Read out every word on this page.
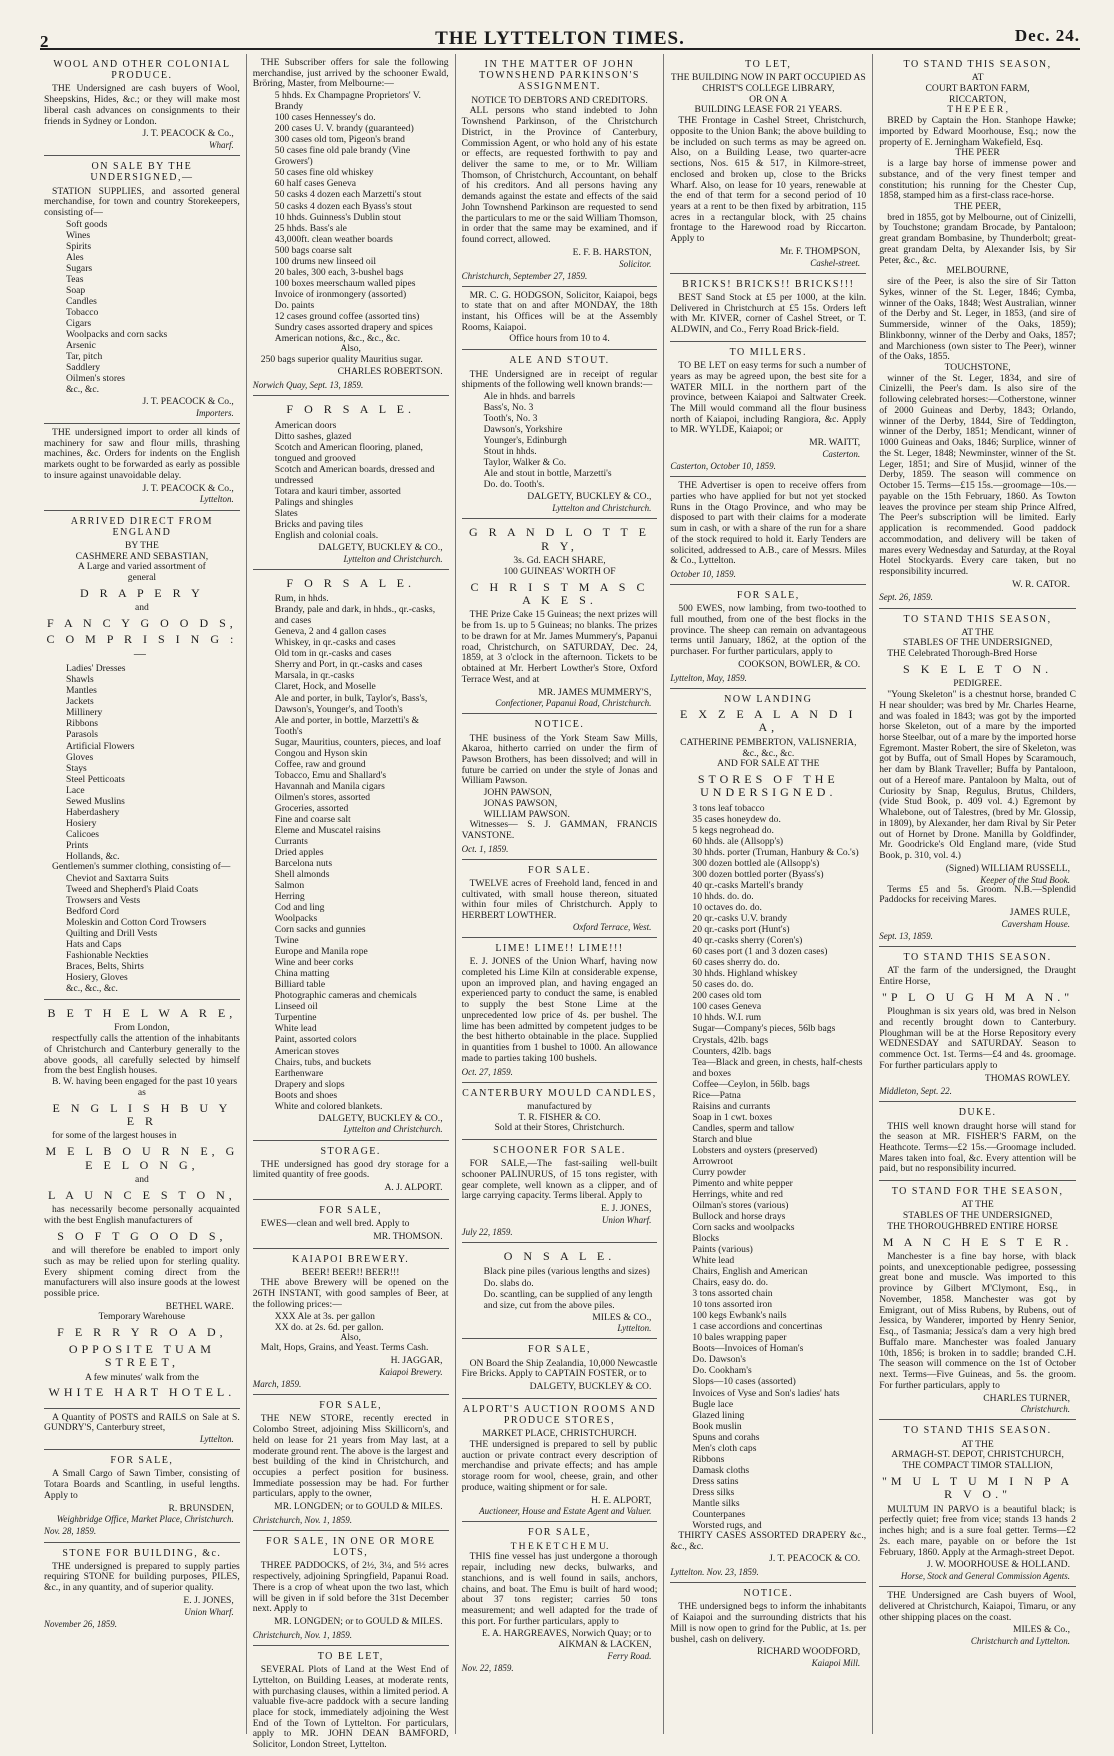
2	THE LYTTELTON TIMES.	Dec. 24.
WOOL AND OTHER COLONIAL PRODUCE.
THE Undersigned are cash buyers of Wool, Sheepskins, Hides, &c.; or they will make most liberal cash advances on consignments to their friends in Sydney or London.
J. T. PEACOCK & Co.,
Wharf.
ON SALE BY THE UNDERSIGNED,—
STATION SUPPLIES, and assorted general merchandise, for town and country Storekeepers, consisting of—
Soft goods
Wines
Spirits
Ales
Sugars
Teas
Soap
Candles
Tobacco
Cigars
Woolpacks and corn sacks
Arsenic
Tar, pitch
Saddlery
Oilmen's stores
&c., &c.
J. T. PEACOCK & Co.,
Importers.
THE undersigned import to order all kinds of machinery for saw and flour mills, thrashing machines, &c. Orders for indents on the English markets ought to be forwarded as early as possible to insure against unavoidable delay.
J. T. PEACOCK & Co.,
Lyttelton.
ARRIVED DIRECT FROM ENGLAND
BY THE
CASHMERE AND SEBASTIAN,
A Large and varied assortment of
general
D R A P E R Y
and
F A N C Y G O O D S,
C O M P R I S I N G :—
Ladies' Dresses
Shawls
Mantles
Jackets
Millinery
Ribbons
Parasols
Artificial Flowers
Gloves
Stays
Steel Petticoats
Lace
Sewed Muslins
Haberdashery
Hosiery
Calicoes
Prints
Hollands, &c.
Gentlemen's summer clothing, consisting of—
Cheviot and Saxtarra Suits
Tweed and Shepherd's Plaid Coats
Trowsers and Vests
Bedford Cord
Moleskin and Cotton Cord Trowsers
Quilting and Drill Vests
Hats and Caps
Fashionable Neckties
Braces, Belts, Shirts
Hosiery, Gloves
&c., &c., &c.
B E T H E L W A R E,
From London,
respectfully calls the attention of the inhabitants of Christchurch and Canterbury generally to the above goods, all carefully selected by himself from the best English houses.
B. W. having been engaged for the past 10 years
as
E N G L I S H B U Y E R
for some of the largest houses in
M E L B O U R N E, G E E L O N G,
and
L A U N C E S T O N,
has necessarily become personally acquainted with the best English manufacturers of
S O F T G O O D S,
and will therefore be enabled to import only such as may be relied upon for sterling quality. Every shipment coming direct from the manufacturers will also insure goods at the lowest possible price.
BETHEL WARE.
Temporary Warehouse
F E R R Y R O A D,
OPPOSITE TUAM STREET,
A few minutes' walk from the
WHITE HART HOTEL.
A Quantity of POSTS and RAILS on Sale at S. GUNDRY'S, Canterbury street,
Lyttelton.
FOR SALE,
A Small Cargo of Sawn Timber, consisting of Totara Boards and Scantling, in useful lengths. Apply to
R. BRUNSDEN,
Weighbridge Office, Market Place, Christchurch.
Nov. 28, 1859.
STONE FOR BUILDING, &c.
THE undersigned is prepared to supply parties requiring STONE for building purposes, PILES, &c., in any quantity, and of superior quality.
E. J. JONES,
Union Wharf.
November 26, 1859.
THE Subscriber offers for sale the following merchandise, just arrived by the schooner Ewald, Bröring, Master, from Melbourne:—
5 hhds. Ex Champagne Proprietors' V. Brandy
100 cases Hennessey's do.
200 cases U. V. brandy (guaranteed)
300 cases old tom, Pigeon's brand
50 cases fine old pale brandy (Vine Growers')
50 cases fine old whiskey
60 half cases Geneva
50 casks 4 dozen each Marzetti's stout
50 casks 4 dozen each Byass's stout
10 hhds. Guinness's Dublin stout
25 hhds. Bass's ale
43,000ft. clean weather boards
500 bags coarse salt
100 drums new linseed oil
20 bales, 300 each, 3-bushel bags
100 boxes meerschaum walled pipes
Invoice of ironmongery (assorted)
Do. paints
12 cases ground coffee (assorted tins)
Sundry cases assorted drapery and spices
American notions, &c., &c., &c.
Also,
250 bags superior quality Mauritius sugar.
CHARLES ROBERTSON.
Norwich Quay, Sept. 13, 1859.
F O R S A L E.
American doors
Ditto sashes, glazed
Scotch and American flooring, planed, tongued and grooved
Scotch and American boards, dressed and undressed
Totara and kauri timber, assorted
Palings and shingles
Slates
Bricks and paving tiles
English and colonial coals.
DALGETY, BUCKLEY & CO.,
Lyttelton and Christchurch.
F O R S A L E.
Rum, in hhds.
Brandy, pale and dark, in hhds., qr.-casks, and cases
Geneva, 2 and 4 gallon cases
Whiskey, in qr.-casks and cases
Old tom in qr.-casks and cases
Sherry and Port, in qr.-casks and cases
Marsala, in qr.-casks
Claret, Hock, and Moselle
Ale and porter, in bulk, Taylor's, Bass's, Dawson's, Younger's, and Tooth's
Ale and porter, in bottle, Marzetti's & Tooth's
Sugar, Mauritius, counters, pieces, and loaf
Congou and Hyson skin
Coffee, raw and ground
Tobacco, Emu and Shallard's
Havannah and Manila cigars
Oilmen's stores, assorted
Groceries, assorted
Fine and coarse salt
Eleme and Muscatel raisins
Currants
Dried apples
Barcelona nuts
Shell almonds
Salmon
Herring
Cod and ling
Woolpacks
Corn sacks and gunnies
Twine
Europe and Manila rope
Wine and beer corks
China matting
Billiard table
Photographic cameras and chemicals
Linseed oil
Turpentine
White lead
Paint, assorted colors
American stoves
Chairs, tubs, and buckets
Earthenware
Drapery and slops
Boots and shoes
White and colored blankets.
DALGETY, BUCKLEY & CO.,
Lyttelton and Christchurch.
STORAGE.
THE undersigned has good dry storage for a limited quantity of free goods.
A. J. ALPORT.
FOR SALE,
EWES—clean and well bred. Apply to
MR. THOMSON.
KAIAPOI BREWERY.
BEER! BEER!! BEER!!!
THE above Brewery will be opened on the 26TH INSTANT, with good samples of Beer, at the following prices:—
XXX Ale at 3s. per gallon
XX do. at 2s. 6d. per gallon.
Also,
Malt, Hops, Grains, and Yeast. Terms Cash.
H. JAGGAR,
Kaiapoi Brewery.
March, 1859.
FOR SALE,
THE NEW STORE, recently erected in Colombo Street, adjoining Miss Skillicorn's, and held on lease for 21 years from May last, at a moderate ground rent. The above is the largest and best building of the kind in Christchurch, and occupies a perfect position for business. Immediate possession may be had. For further particulars, apply to the owner,
MR. LONGDEN; or to GOULD & MILES.
Christchurch, Nov. 1, 1859.
FOR SALE, IN ONE OR MORE LOTS,
THREE PADDOCKS, of 2½, 3¼, and 5½ acres respectively, adjoining Springfield, Papanui Road. There is a crop of wheat upon the two last, which will be given in if sold before the 31st December next. Apply to
MR. LONGDEN; or to GOULD & MILES.
Christchurch, Nov. 1, 1859.
TO BE LET,
SEVERAL Plots of Land at the West End of Lyttelton, on Building Leases, at moderate rents, with purchasing clauses, within a limited period. A valuable five-acre paddock with a secure landing place for stock, immediately adjoining the West End of the Town of Lyttelton. For particulars, apply to MR. JOHN DEAN BAMFORD, Solicitor, London Street, Lyttelton.
IN THE MATTER OF JOHN TOWNSHEND PARKINSON'S ASSIGNMENT.
NOTICE TO DEBTORS AND CREDITORS.
ALL persons who stand indebted to John Townshend Parkinson, of the Christchurch District, in the Province of Canterbury, Commission Agent, or who hold any of his estate or effects, are requested forthwith to pay and deliver the same to me, or to Mr. William Thomson, of Christchurch, Accountant, on behalf of his creditors. And all persons having any demands against the estate and effects of the said John Townshend Parkinson are requested to send the particulars to me or the said William Thomson, in order that the same may be examined, and if found correct, allowed.
E. F. B. HARSTON,
Solicitor.
Christchurch, September 27, 1859.
MR. C. G. HODGSON, Solicitor, Kaiapoi, begs to state that on and after MONDAY, the 18th instant, his Offices will be at the Assembly Rooms, Kaiapoi.
Office hours from 10 to 4.
ALE AND STOUT.
THE Undersigned are in receipt of regular shipments of the following well known brands:—
Ale in hhds. and barrels
Bass's, No. 3
Tooth's, No. 3
Dawson's, Yorkshire
Younger's, Edinburgh
Stout in hhds.
Taylor, Walker & Co.
Ale and stout in bottle, Marzetti's
Do. do. Tooth's.
DALGETY, BUCKLEY & CO.,
Lyttelton and Christchurch.
G R A N D L O T T E R Y,
3s. Gd. EACH SHARE,
100 GUINEAS' WORTH OF
C H R I S T M A S C A K E S.
THE Prize Cake 15 Guineas; the next prizes will be from 1s. up to 5 Guineas; no blanks. The prizes to be drawn for at Mr. James Mummery's, Papanui road, Christchurch, on SATURDAY, Dec. 24, 1859, at 3 o'clock in the afternoon. Tickets to be obtained at Mr. Herbert Lowther's Store, Oxford Terrace West, and at
MR. JAMES MUMMERY'S,
Confectioner, Papanui Road, Christchurch.
NOTICE.
THE business of the York Steam Saw Mills, Akaroa, hitherto carried on under the firm of Pawson Brothers, has been dissolved; and will in future be carried on under the style of Jonas and William Pawson.
JOHN PAWSON,
JONAS PAWSON,
WILLIAM PAWSON.
Witnesses— S. J. GAMMAN, FRANCIS VANSTONE.
Oct. 1, 1859.
FOR SALE.
TWELVE acres of Freehold land, fenced in and cultivated, with small house thereon, situated within four miles of Christchurch. Apply to HERBERT LOWTHER.
Oxford Terrace, West.
LIME! LIME!! LIME!!!
E. J. JONES of the Union Wharf, having now completed his Lime Kiln at considerable expense, upon an improved plan, and having engaged an experienced party to conduct the same, is enabled to supply the best Stone Lime at the unprecedented low price of 4s. per bushel. The lime has been admitted by competent judges to be the best hitherto obtainable in the place. Supplied in quantities from 1 bushel to 1000. An allowance made to parties taking 100 bushels.
Oct. 27, 1859.
CANTERBURY MOULD CANDLES,
manufactured by
T. R. FISHER & CO.
Sold at their Stores, Christchurch.
SCHOONER FOR SALE.
FOR SALE,—The fast-sailing well-built schooner PALINURUS, of 15 tons register, with gear complete, well known as a clipper, and of large carrying capacity. Terms liberal. Apply to
E. J. JONES,
Union Wharf.
July 22, 1859.
O N S A L E.
Black pine piles (various lengths and sizes)
Do. slabs do.
Do. scantling, can be supplied of any length and size, cut from the above piles.
MILES & CO.,
Lyttelton.
FOR SALE,
ON Board the Ship Zealandia, 10,000 Newcastle Fire Bricks. Apply to CAPTAIN FOSTER, or to
DALGETY, BUCKLEY & CO.
ALPORT'S AUCTION ROOMS AND PRODUCE STORES,
MARKET PLACE, CHRISTCHURCH.
THE undersigned is prepared to sell by public auction or private contract every description of merchandise and private effects; and has ample storage room for wool, cheese, grain, and other produce, waiting shipment or for sale.
H. E. ALPORT,
Auctioneer, House and Estate Agent and Valuer.
FOR SALE,
T H E K E T C H E M U.
THIS fine vessel has just undergone a thorough repair, including new decks, bulwarks, and stanchions, and is well found in sails, anchors, chains, and boat. The Emu is built of hard wood; about 37 tons register; carries 50 tons measurement; and well adapted for the trade of this port. For further particulars, apply to
E. A. HARGREAVES, Norwich Quay; or to AIKMAN & LACKEN,
Ferry Road.
Nov. 22, 1859.
TO LET,
THE BUILDING NOW IN PART OCCUPIED AS
CHRIST'S COLLEGE LIBRARY,
OR ON A
BUILDING LEASE FOR 21 YEARS.
THE Frontage in Cashel Street, Christchurch, opposite to the Union Bank; the above building to be included on such terms as may be agreed on. Also, on a Building Lease, two quarter-acre sections, Nos. 615 & 517, in Kilmore-street, enclosed and broken up, close to the Bricks Wharf. Also, on lease for 10 years, renewable at the end of that term for a second period of 10 years at a rent to be then fixed by arbitration, 115 acres in a rectangular block, with 25 chains frontage to the Harewood road by Riccarton. Apply to
Mr. F. THOMPSON,
Cashel-street.
BRICKS! BRICKS!! BRICKS!!!
BEST Sand Stock at £5 per 1000, at the kiln. Delivered in Christchurch at £5 15s. Orders left with Mr. KIVER, corner of Cashel Street, or T. ALDWIN, and Co., Ferry Road Brick-field.
TO MILLERS.
TO BE LET on easy terms for such a number of years as may be agreed upon, the best site for a WATER MILL in the northern part of the province, between Kaiapoi and Saltwater Creek. The Mill would command all the flour business north of Kaiapoi, including Rangiora, &c. Apply to MR. WYLDE, Kaiapoi; or
MR. WAITT,
Casterton.
Casterton, October 10, 1859.
THE Advertiser is open to receive offers from parties who have applied for but not yet stocked Runs in the Otago Province, and who may be disposed to part with their claims for a moderate sum in cash, or with a share of the run for a share of the stock required to hold it. Early Tenders are solicited, addressed to A.B., care of Messrs. Miles & Co., Lyttelton.
October 10, 1859.
FOR SALE,
500 EWES, now lambing, from two-toothed to full mouthed, from one of the best flocks in the province. The sheep can remain on advantageous terms until January, 1862, at the option of the purchaser. For further particulars, apply to
COOKSON, BOWLER, & CO.
Lyttelton, May, 1859.
NOW LANDING
E X Z E A L A N D I A,
CATHERINE PEMBERTON, VALISNERIA,
&c., &c., &c.
AND FOR SALE AT THE
STORES OF THE UNDERSIGNED.
3 tons leaf tobacco
35 cases honeydew do.
5 kegs negrohead do.
60 hhds. ale (Allsopp's)
30 hhds. porter (Truman, Hanbury & Co.'s)
300 dozen bottled ale (Allsopp's)
300 dozen bottled porter (Byass's)
40 qr.-casks Martell's brandy
10 hhds. do. do.
10 octaves do. do.
20 qr.-casks U.V. brandy
20 qr.-casks port (Hunt's)
40 qr.-casks sherry (Coren's)
60 cases port (1 and 3 dozen cases)
60 cases sherry do. do.
30 hhds. Highland whiskey
50 cases do. do.
200 cases old tom
100 cases Geneva
10 hhds. W.I. rum
Sugar—Company's pieces, 56lb bags
Crystals, 42lb. bags
Counters, 42lb. bags
Tea—Black and green, in chests, half-chests and boxes
Coffee—Ceylon, in 56lb. bags
Rice—Patna
Raisins and currants
Soap in 1 cwt. boxes
Candles, sperm and tallow
Starch and blue
Lobsters and oysters (preserved)
Arrowroot
Curry powder
Pimento and white pepper
Herrings, white and red
Oilman's stores (various)
Bullock and horse drays
Corn sacks and woolpacks
Blocks
Paints (various)
White lead
Chairs, English and American
Chairs, easy do. do.
3 tons assorted chain
10 tons assorted iron
100 kegs Ewbank's nails
1 case accordions and concertinas
10 bales wrapping paper
Boots—Invoices of Homan's
Do. Dawson's
Do. Cookham's
Slops—10 cases (assorted)
Invoices of Vyse and Son's ladies' hats
Bugle lace
Glazed lining
Book muslin
Spuns and corahs
Men's cloth caps
Ribbons
Damask cloths
Dress satins
Dress silks
Mantle silks
Counterpanes
Worsted rugs, and
THIRTY CASES ASSORTED DRAPERY &c., &c., &c.
J. T. PEACOCK & CO.
Lyttelton. Nov. 23, 1859.
NOTICE.
THE undersigned begs to inform the inhabitants of Kaiapoi and the surrounding districts that his Mill is now open to grind for the Public, at 1s. per bushel, cash on delivery.
RICHARD WOODFORD,
Kaiapoi Mill.
TO STAND THIS SEASON,
AT
COURT BARTON FARM,
RICCARTON,
T H E P E E R ,
BRED by Captain the Hon. Stanhope Hawke; imported by Edward Moorhouse, Esq.; now the property of E. Jerningham Wakefield, Esq.
THE PEER
is a large bay horse of immense power and substance, and of the very finest temper and constitution; his running for the Chester Cup, 1858, stamped him as a first-class race-horse.
THE PEER,
bred in 1855, got by Melbourne, out of Cinizelli, by Touchstone; grandam Brocade, by Pantaloon; great grandam Bombasine, by Thunderbolt; great-great grandam Delta, by Alexander Isis, by Sir Peter, &c., &c.
MELBOURNE,
sire of the Peer, is also the sire of Sir Tatton Sykes, winner of the St. Leger, 1846; Cymba, winner of the Oaks, 1848; West Australian, winner of the Derby and St. Leger, in 1853, (and sire of Summerside, winner of the Oaks, 1859); Blinkbonny, winner of the Derby and Oaks, 1857; and Marchioness (own sister to The Peer), winner of the Oaks, 1855.
TOUCHSTONE,
winner of the St. Leger, 1834, and sire of Cinizelli, the Peer's dam. Is also sire of the following celebrated horses:—Cotherstone, winner of 2000 Guineas and Derby, 1843; Orlando, winner of the Derby, 1844, Sire of Teddington, winner of the Derby, 1851; Mendicant, winner of 1000 Guineas and Oaks, 1846; Surplice, winner of the St. Leger, 1848; Newminster, winner of the St. Leger, 1851; and Sire of Musjid, winner of the Derby, 1859. The season will commence on October 15. Terms—£15 15s.—groomage—10s.—payable on the 15th February, 1860. As Towton leaves the province per steam ship Prince Alfred, The Peer's subscription will be limited. Early application is recommended. Good paddock accommodation, and delivery will be taken of mares every Wednesday and Saturday, at the Royal Hotel Stockyards. Every care taken, but no responsibility incurred.
W. R. CATOR.
Sept. 26, 1859.
TO STAND THIS SEASON,
AT THE
STABLES OF THE UNDERSIGNED,
THE Celebrated Thorough-Bred Horse
S K E L E T O N.
PEDIGREE.
"Young Skeleton" is a chestnut horse, branded C H near shoulder; was bred by Mr. Charles Hearne, and was foaled in 1843; was got by the imported horse Skeleton, out of a mare by the imported horse Steelbar, out of a mare by the imported horse Egremont. Master Robert, the sire of Skeleton, was got by Buffa, out of Small Hopes by Scaramouch, her dam by Blank Traveller; Buffa by Pantaloon, out of a Hereof mare. Pantaloon by Malta, out of Curiosity by Snap, Regulus, Brutus, Childers, (vide Stud Book, p. 409 vol. 4.) Egremont by Whalebone, out of Talestres, (bred by Mr. Glossip, in 1809), by Alexander, her dam Rival by Sir Peter out of Hornet by Drone. Manilla by Goldfinder, Mr. Goodricke's Old England mare, (vide Stud Book, p. 310, vol. 4.)
(Signed) WILLIAM RUSSELL,
Keeper of the Stud Book.
Terms £5 and 5s. Groom. N.B.—Splendid Paddocks for receiving Mares.
JAMES RULE,
Caversham House.
Sept. 13, 1859.
TO STAND THIS SEASON.
AT the farm of the undersigned, the Draught Entire Horse,
"P L O U G H M A N."
Ploughman is six years old, was bred in Nelson and recently brought down to Canterbury. Ploughman will be at the Horse Repository every WEDNESDAY and SATURDAY. Season to commence Oct. 1st. Terms—£4 and 4s. groomage. For further particulars apply to
THOMAS ROWLEY.
Middleton, Sept. 22.
DUKE.
THIS well known draught horse will stand for the season at MR. FISHER'S FARM, on the Heathcote. Terms—£2 15s.—Groomage included. Mares taken into foal, &c. Every attention will be paid, but no responsibility incurred.
TO STAND FOR THE SEASON,
AT THE
STABLES OF THE UNDERSIGNED,
THE THOROUGHBRED ENTIRE HORSE
M A N C H E S T E R.
Manchester is a fine bay horse, with black points, and unexceptionable pedigree, possessing great bone and muscle. Was imported to this province by Gilbert M'Clymont, Esq., in November, 1858. Manchester was got by Emigrant, out of Miss Rubens, by Rubens, out of Jessica, by Wanderer, imported by Henry Senior, Esq., of Tasmania; Jessica's dam a very high bred Buffalo mare. Manchester was foaled January 10th, 1856; is broken in to saddle; branded C.H. The season will commence on the 1st of October next. Terms—Five Guineas, and 5s. the groom. For further particulars, apply to
CHARLES TURNER,
Christchurch.
TO STAND THIS SEASON.
AT THE
ARMAGH-ST. DEPOT, CHRISTCHURCH,
THE COMPACT TIMOR STALLION,
"M U L T U M I N P A R V O."
MULTUM IN PARVO is a beautiful black; is perfectly quiet; free from vice; stands 13 hands 2 inches high; and is a sure foal getter. Terms—£2 2s. each mare, payable on or before the 1st February, 1860. Apply at the Armagh-street Depot.
J. W. MOORHOUSE & HOLLAND.
Horse, Stock and General Commission Agents.
THE Undersigned are Cash buyers of Wool, delivered at Christchurch, Kaiapoi, Timaru, or any other shipping places on the coast.
MILES & Co.,
Christchurch and Lyttelton.
